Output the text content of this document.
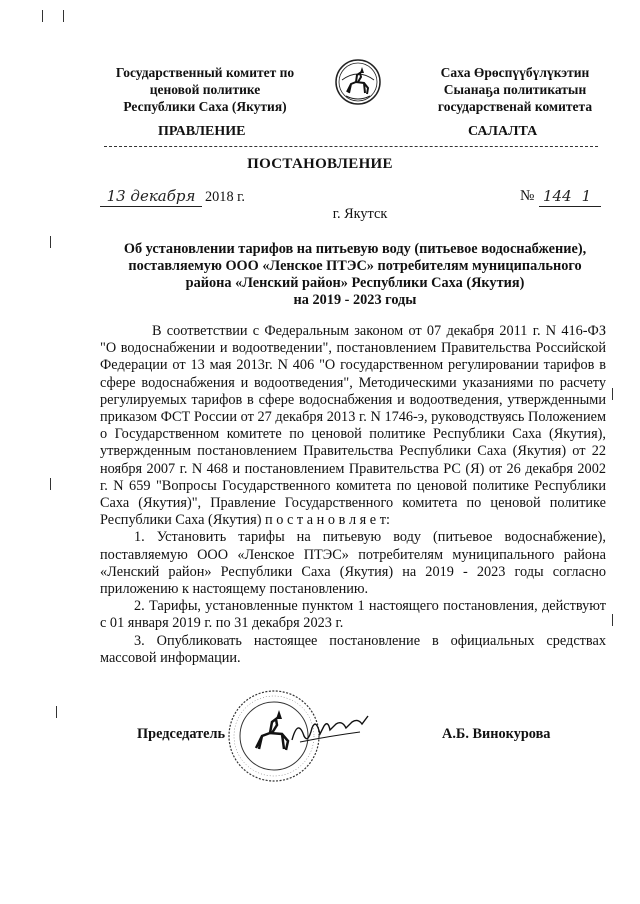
Государственный комитет по
ценовой политике
Республики Саха (Якутия)
Саха Өрөспүүбүлүкэтин
Сыанаҕа политикатын
государственай комитета
ПРАВЛЕНИЕ	САЛАЛТА
ПОСТАНОВЛЕНИЕ
13 декабря 2018 г.	№ 144 1
г. Якутск
Об установлении тарифов на питьевую воду (питьевое водоснабжение),
поставляемую ООО «Ленское ПТЭС» потребителям муниципального
района «Ленский район» Республики Саха (Якутия)
на 2019 - 2023 годы

В соответствии с Федеральным законом от 07 декабря 2011 г. N 416-ФЗ "О водоснабжении и водоотведении", постановлением Правительства Российской Федерации от 13 мая 2013г. N 406 "О государственном регулировании тарифов в сфере водоснабжения и водоотведения", Методическими указаниями по расчету регулируемых тарифов в сфере водоснабжения и водоотведения, утвержденными приказом ФСТ России от 27 декабря 2013 г. N 1746-э, руководствуясь Положением о Государственном комитете по ценовой политике Республики Саха (Якутия), утвержденным постановлением Правительства Республики Саха (Якутия) от 22 ноября 2007 г. N 468 и постановлением Правительства РС (Я) от 26 декабря 2002 г. N 659 "Вопросы Государственного комитета по ценовой политике Республики Саха (Якутия)", Правление Государственного комитета по ценовой политике Республики Саха (Якутия) п о с т а н о в л я е т:

1. Установить тарифы на питьевую воду (питьевое водоснабжение), поставляемую ООО «Ленское ПТЭС» потребителям муниципального района «Ленский район» Республики Саха (Якутия) на 2019 - 2023 годы согласно приложению к настоящему постановлению.

2. Тарифы, установленные пунктом 1 настоящего постановления, действуют с 01 января 2019 г. по 31 декабря 2023 г.

3. Опубликовать настоящее постановление в официальных средствах массовой информации.

Председатель	А.Б. Винокурова
